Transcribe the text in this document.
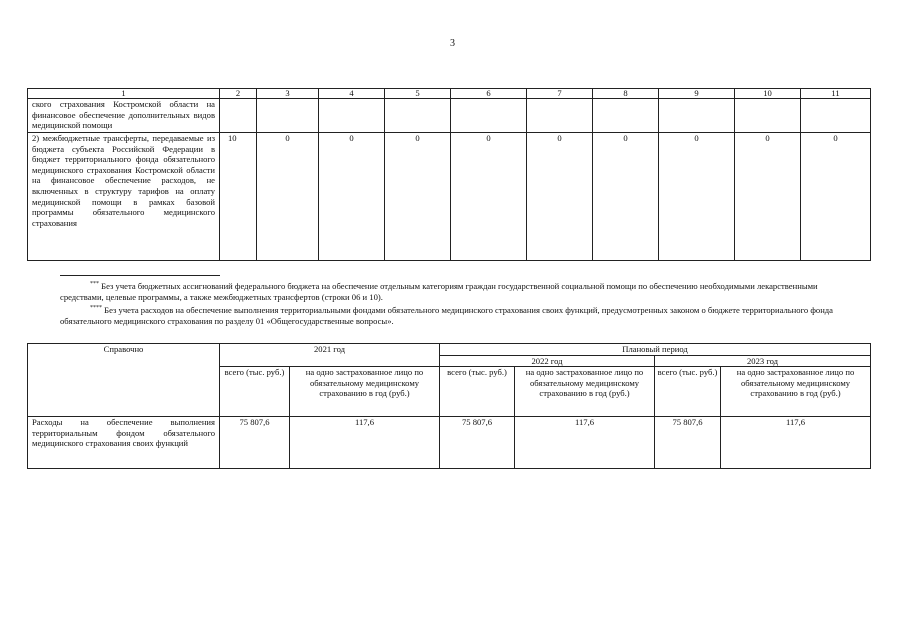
3
1	2	3	4	5	6	7	8	9	10	11
ского страхования Костромской области на финансовое обеспечение дополнительных видов медицинской помощи										
2) межбюджетные трансферты, передаваемые из бюджета субъекта Российской Федерации в бюджет территориального фонда обязательного медицинского страхования Костромской области на финансовое обеспечение расходов, не включенных в структуру тарифов на оплату медицинской помощи в рамках базовой программы обязательного медицинского страхования	10	0	0	0	0	0	0	0	0	0

*** Без учета бюджетных ассигнований федерального бюджета на обеспечение отдельным категориям граждан государственной социальной помощи по обеспечению необходимыми лекарственными средствами, целевые программы, а также межбюджетных трансфертов (строки 06 и 10).

**** Без учета расходов на обеспечение выполнения территориальными фондами обязательного медицинского страхования своих функций, предусмотренных законом о бюджете территориального фонда обязательного медицинского страхования по разделу 01 «Общегосударственные вопросы».

Справочно	2021 год		Плановый период			
			2022 год		2023 год	
	всего (тыс. руб.)	на одно застрахованное лицо по обязательному медицинскому страхованию в год (руб.)	всего (тыс. руб.)	на одно застрахованное лицо по обязательному медицинскому страхованию в год (руб.)	всего (тыс. руб.)	на одно застрахованное лицо по обязательному медицинскому страхованию в год (руб.)
Расходы на обеспечение выполнения территориальным фондом обязательного медицинского страхования своих функций	75 807,6	117,6	75 807,6	117,6	75 807,6	117,6
